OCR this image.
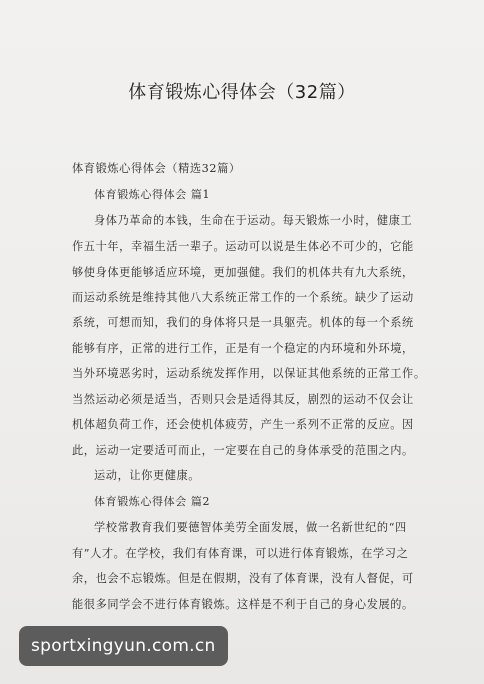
体育锻炼心得体会（32篇）
体育锻炼心得体会（精选32篇）
体育锻炼心得体会 篇1
身体乃革命的本钱，生命在于运动。每天锻炼一小时，健康工
作五十年，幸福生活一辈子。运动可以说是生体必不可少的，它能
够使身体更能够适应环境，更加强健。我们的机体共有九大系统，
而运动系统是维持其他八大系统正常工作的一个系统。缺少了运动
系统，可想而知，我们的身体将只是一具躯壳。机体的每一个系统
能够有序，正常的进行工作，正是有一个稳定的内环境和外环境，
当外环境恶劣时，运动系统发挥作用，以保证其他系统的正常工作。
当然运动必须是适当，否则只会是适得其反，剧烈的运动不仅会让
机体超负荷工作，还会使机体疲劳，产生一系列不正常的反应。因
此，运动一定要适可而止，一定要在自己的身体承受的范围之内。
运动，让你更健康。
体育锻炼心得体会 篇2
学校常教育我们要德智体美劳全面发展，做一名新世纪的“四
有”人才。在学校，我们有体育课，可以进行体育锻炼，在学习之
余，也会不忘锻炼。但是在假期，没有了体育课，没有人督促，可
能很多同学会不进行体育锻炼。这样是不利于自己的身心发展的。
sportxingyun.com.cn
